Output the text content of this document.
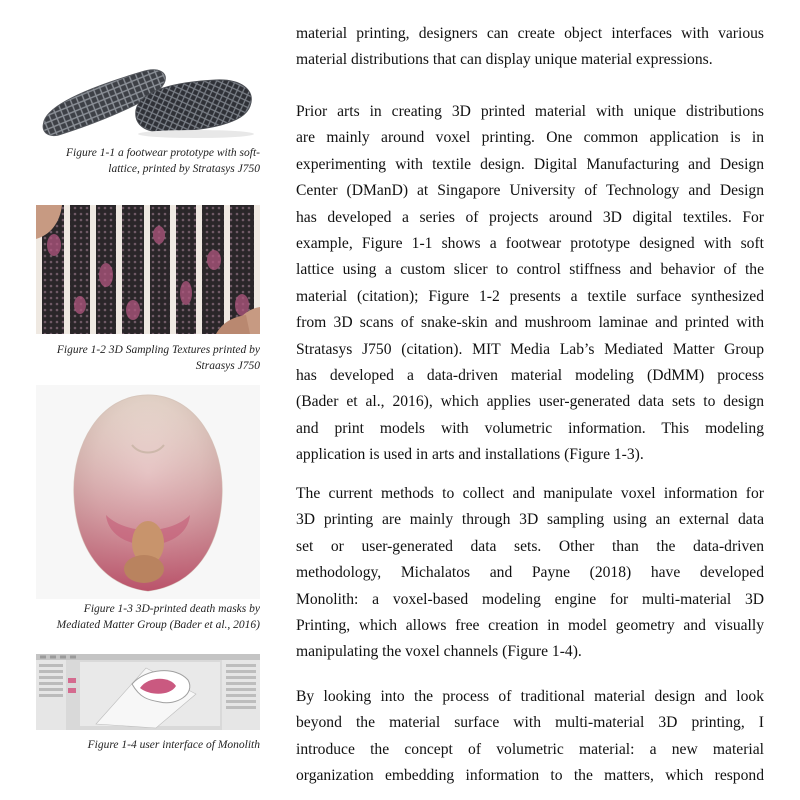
Figure 1-1 a footwear prototype with soft-
lattice, printed by Stratasys J750
Figure 1-2 3D Sampling Textures printed by
Straasys J750
Figure 1-3 3D-printed death masks by
Mediated Matter Group (Bader et al., 2016)
Figure 1-4 user interface of Monolith

material printing, designers can create object interfaces with various
material distributions that can display unique material expressions.

Prior arts in creating 3D printed material with unique distributions
are mainly around voxel printing. One common application is in
experimenting with textile design. Digital Manufacturing and Design
Center (DManD) at Singapore University of Technology and Design
has developed a series of projects around 3D digital textiles. For
example, Figure 1-1 shows a footwear prototype designed with soft
lattice using a custom slicer to control stiffness and behavior of the
material (citation); Figure 1-2 presents a textile surface synthesized
from 3D scans of snake-skin and mushroom laminae and printed with
Stratasys J750 (citation). MIT Media Lab’s Mediated Matter Group
has developed a data-driven material modeling (DdMM) process
(Bader et al., 2016), which applies user-generated data sets to design
and print models with volumetric information. This modeling
application is used in arts and installations (Figure 1-3).

The current methods to collect and manipulate voxel information for
3D printing are mainly through 3D sampling using an external data
set or user-generated data sets. Other than the data-driven
methodology, Michalatos and Payne (2018) have developed
Monolith: a voxel-based modeling engine for multi-material 3D
Printing, which allows free creation in model geometry and visually
manipulating the voxel channels (Figure 1-4).

By looking into the process of traditional material design and look
beyond the material surface with multi-material 3D printing, I
introduce the concept of volumetric material: a new material
organization embedding information to the matters, which respond
